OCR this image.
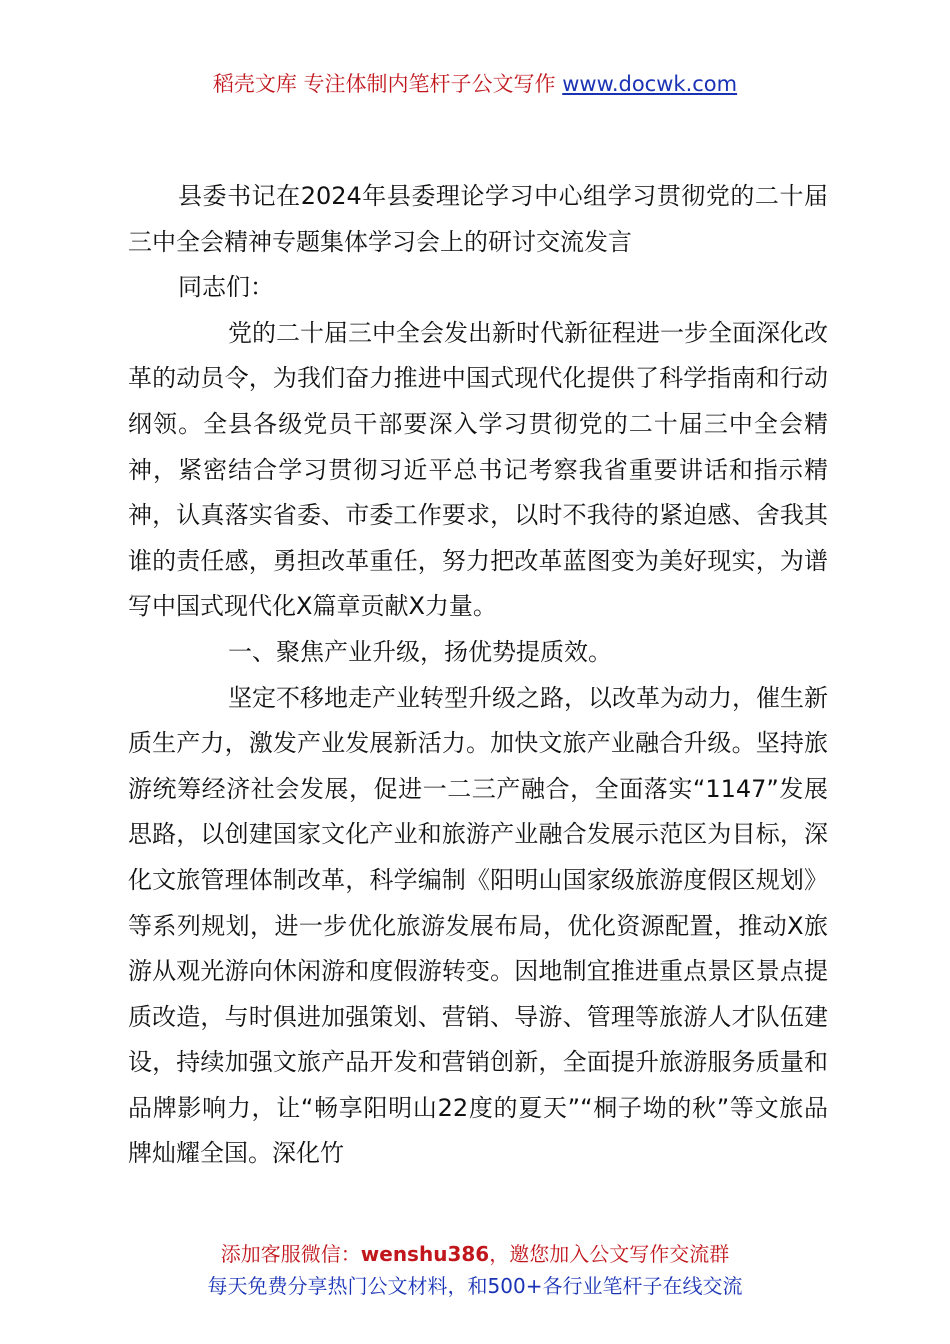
稻壳文库 专注体制内笔杆子公文写作 www.docwk.com

县委书记在2024年县委理论学习中心组学习贯彻党的二十届三中全会精神专题集体学习会上的研讨交流发言

同志们：

党的二十届三中全会发出新时代新征程进一步全面深化改革的动员令，为我们奋力推进中国式现代化提供了科学指南和行动纲领。全县各级党员干部要深入学习贯彻党的二十届三中全会精神，紧密结合学习贯彻习近平总书记考察我省重要讲话和指示精神，认真落实省委、市委工作要求，以时不我待的紧迫感、舍我其谁的责任感，勇担改革重任，努力把改革蓝图变为美好现实，为谱写中国式现代化X篇章贡献X力量。

一、聚焦产业升级，扬优势提质效。

坚定不移地走产业转型升级之路，以改革为动力，催生新质生产力，激发产业发展新活力。加快文旅产业融合升级。坚持旅游统筹经济社会发展，促进一二三产融合，全面落实“1147”发展思路，以创建国家文化产业和旅游产业融合发展示范区为目标，深化文旅管理体制改革，科学编制《阳明山国家级旅游度假区规划》等系列规划，进一步优化旅游发展布局，优化资源配置，推动X旅游从观光游向休闲游和度假游转变。因地制宜推进重点景区景点提质改造，与时俱进加强策划、营销、导游、管理等旅游人才队伍建设，持续加强文旅产品开发和营销创新，全面提升旅游服务质量和品牌影响力，让“畅享阳明山22度的夏天”“桐子坳的秋”等文旅品牌灿耀全国。深化竹

添加客服微信：wenshu386，邀您加入公文写作交流群
每天免费分享热门公文材料，和500+各行业笔杆子在线交流
